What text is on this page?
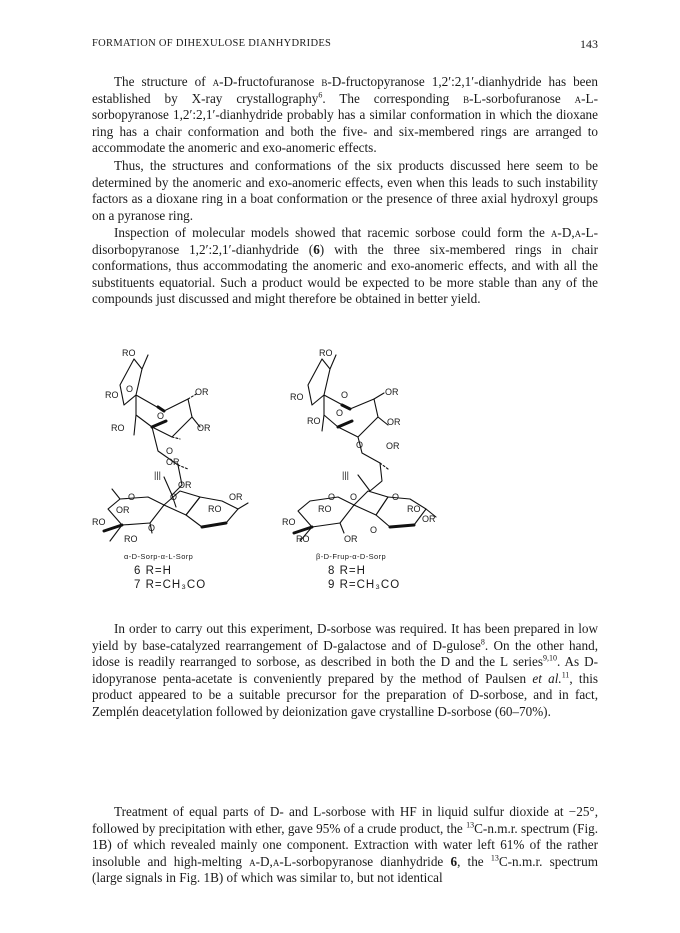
FORMATION OF DIHEXULOSE DIANHYDRIDES	143

The structure of α-D-fructofuranose β-D-fructopyranose 1,2′:2,1′-dianhydride has been established by X-ray crystallography$^6$. The corresponding β-L-sorbofuranose α-L-sorbopyranose 1,2′:2,1′-dianhydride probably has a similar conformation in which the dioxane ring has a chair conformation and both the five- and six-membered rings are arranged to accommodate the anomeric and exo-anomeric effects.

Thus, the structures and conformations of the six products discussed here seem to be determined by the anomeric and exo-anomeric effects, even when this leads to such instability factors as a dioxane ring in a boat conformation or the presence of three axial hydroxyl groups on a pyranose ring.

Inspection of molecular models showed that racemic sorbose could form the α-D,α-L-disorbopyranose 1,2′:2,1′-dianhydride (6) with the three six-membered rings in chair conformations, thus accommodating the anomeric and exo-anomeric effects, and with all the substituents equatorial. Such a product would be expected to be more stable than any of the compounds just discussed and might therefore be obtained in better yield.

RO
RO
O	OR
O
RO	OR
O
OR
|||
RO
RO	O	OR
O
RO	OR
O	OR
|||
OR
O	O	OR
OR	RO
RO
O
RO
O O	O
RO	RO
RO	OR
O
RO	OR
α-D-Sorp-α-L-Sorp
6 R=H
7 R=CH₃CO
β-D-Frup-α-D-Sorp
8 R=H
9 R=CH₃CO

In order to carry out this experiment, D-sorbose was required. It has been prepared in low yield by base-catalyzed rearrangement of D-galactose and of D-gulose$^8$. On the other hand, idose is readily rearranged to sorbose, as described in both the D and the L series$^{9,10}$. As D-idopyranose penta-acetate is conveniently prepared by the method of Paulsen et al.$^{11}$, this product appeared to be a suitable precursor for the preparation of D-sorbose, and in fact, Zemplén deacetylation followed by deionization gave crystalline D-sorbose (60–70%).

Treatment of equal parts of D- and L-sorbose with HF in liquid sulfur dioxide at −25°, followed by precipitation with ether, gave 95% of a crude product, the $^{13}$C-n.m.r. spectrum (Fig. 1B) of which revealed mainly one component. Extraction with water left 61% of the rather insoluble and high-melting α-D,α-L-sorbopyranose dianhydride 6, the $^{13}$C-n.m.r. spectrum (large signals in Fig. 1B) of which was similar to, but not identical
